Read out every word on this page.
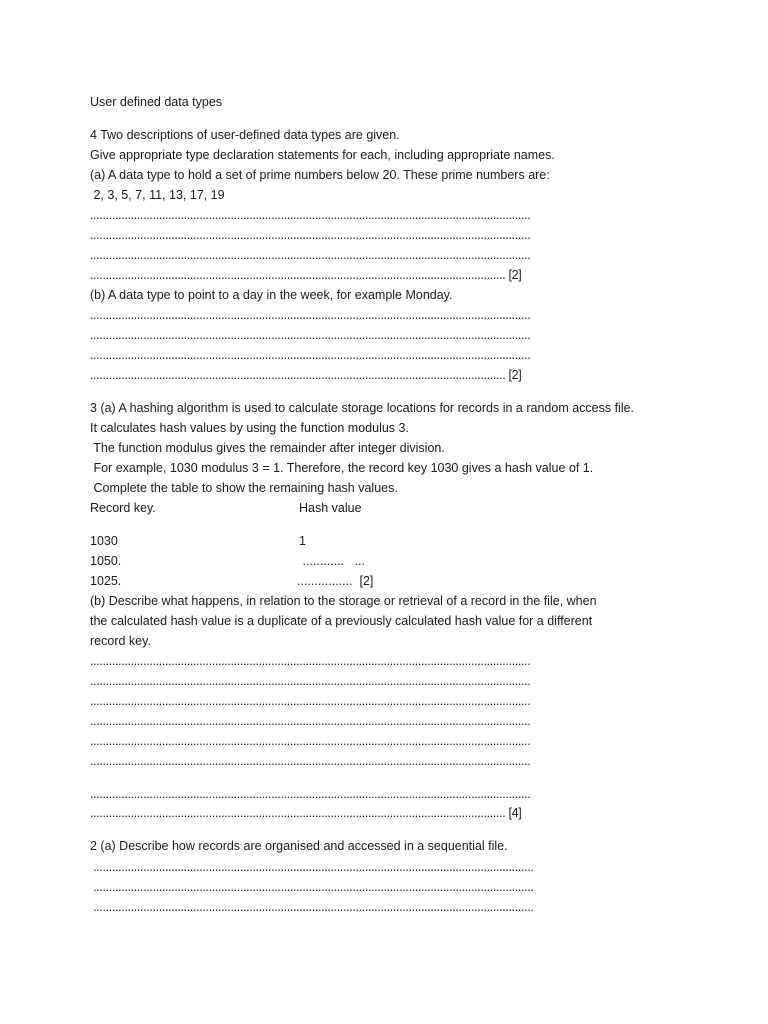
User defined data types
4 Two descriptions of user-defined data types are given.
Give appropriate type declaration statements for each, including appropriate names.
(a) A data type to hold a set of prime numbers below 20. These prime numbers are:
2, 3, 5, 7, 11, 13, 17, 19
.............................................................................................................................................
.............................................................................................................................................
.............................................................................................................................................
..................................................................................................................................... [2]
(b) A data type to point to a day in the week, for example Monday.
.............................................................................................................................................
.............................................................................................................................................
.............................................................................................................................................
..................................................................................................................................... [2]
3 (a) A hashing algorithm is used to calculate storage locations for records in a random access file.
It calculates hash values by using the function modulus 3.
The function modulus gives the remainder after integer division.
For example, 1030 modulus 3 = 1. Therefore, the record key 1030 gives a hash value of 1.
Complete the table to show the remaining hash values.
Record key.	Hash value
1030	1
1050.	............   ...
1025.	................  [2]
(b) Describe what happens, in relation to the storage or retrieval of a record in the file, when
the calculated hash value is a duplicate of a previously calculated hash value for a different
record key.
.............................................................................................................................................
.............................................................................................................................................
.............................................................................................................................................
.............................................................................................................................................
.............................................................................................................................................
.............................................................................................................................................
.............................................................................................................................................
..................................................................................................................................... [4]
2 (a) Describe how records are organised and accessed in a sequential file.
.............................................................................................................................................
.............................................................................................................................................
.............................................................................................................................................
